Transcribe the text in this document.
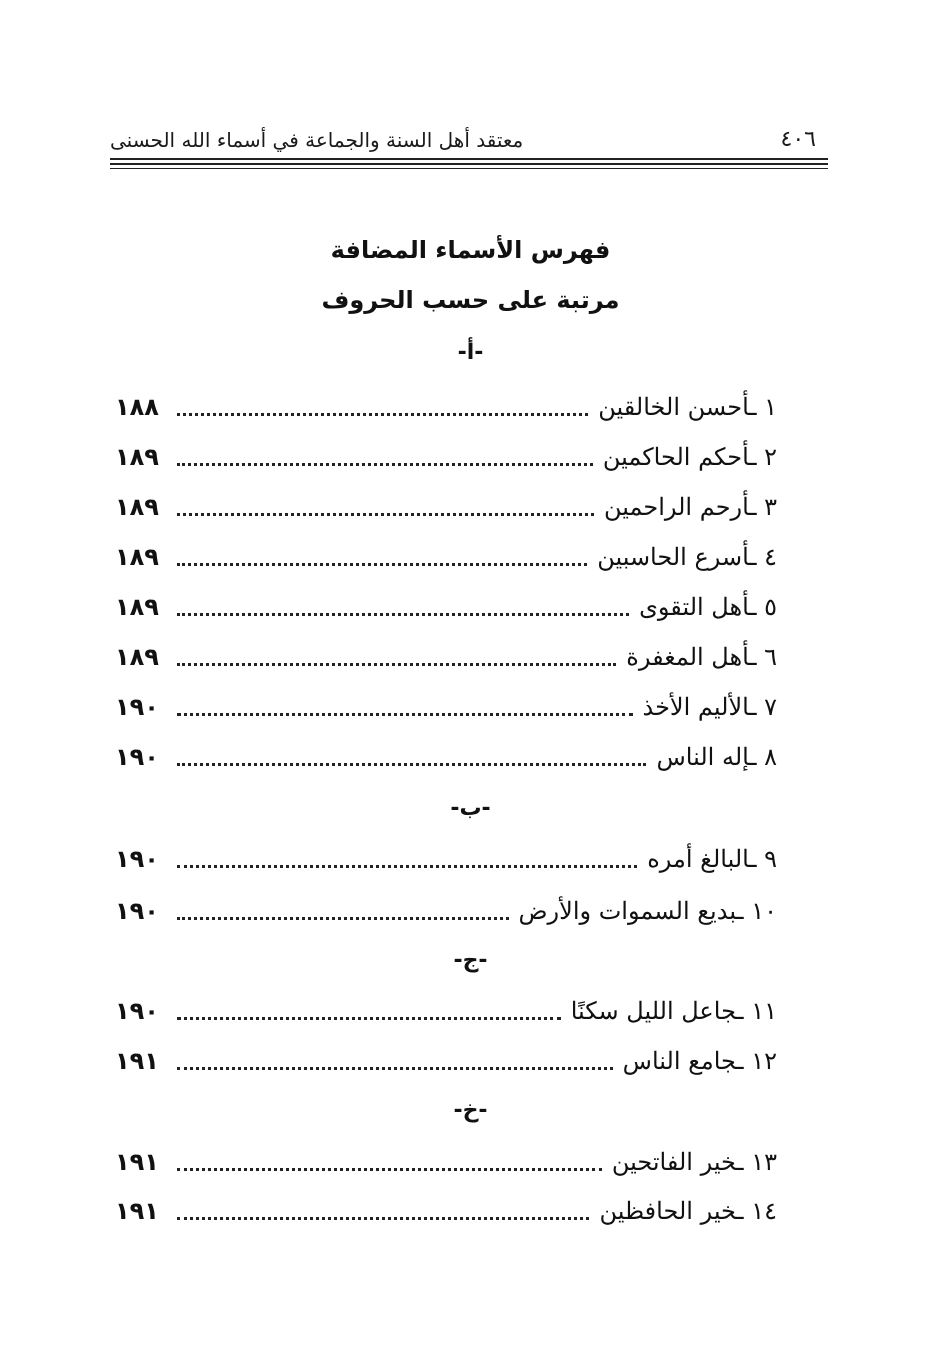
٤٠٦
معتقد أهل السنة والجماعة في أسماء الله الحسنى
فهرس الأسماء المضافة
مرتبة على حسب الحروف
-أ-
١ ـأحسن الخالقين
١٨٨
٢ ـأحكم الحاكمين
١٨٩
٣ ـأرحم الراحمين
١٨٩
٤ ـأسرع الحاسبين
١٨٩
٥ ـأهل التقوى
١٨٩
٦ ـأهل المغفرة
١٨٩
٧ ـالأليم الأخذ
١٩٠
٨ ـإله الناس
١٩٠
-ب-
٩ ـالبالغ أمره
١٩٠
١٠ ـبديع السموات والأرض
١٩٠
-ج-
١١ ـجاعل الليل سكنًا
١٩٠
١٢ ـجامع الناس
١٩١
-خ-
١٣ ـخير الفاتحين
١٩١
١٤ ـخير الحافظين
١٩١
